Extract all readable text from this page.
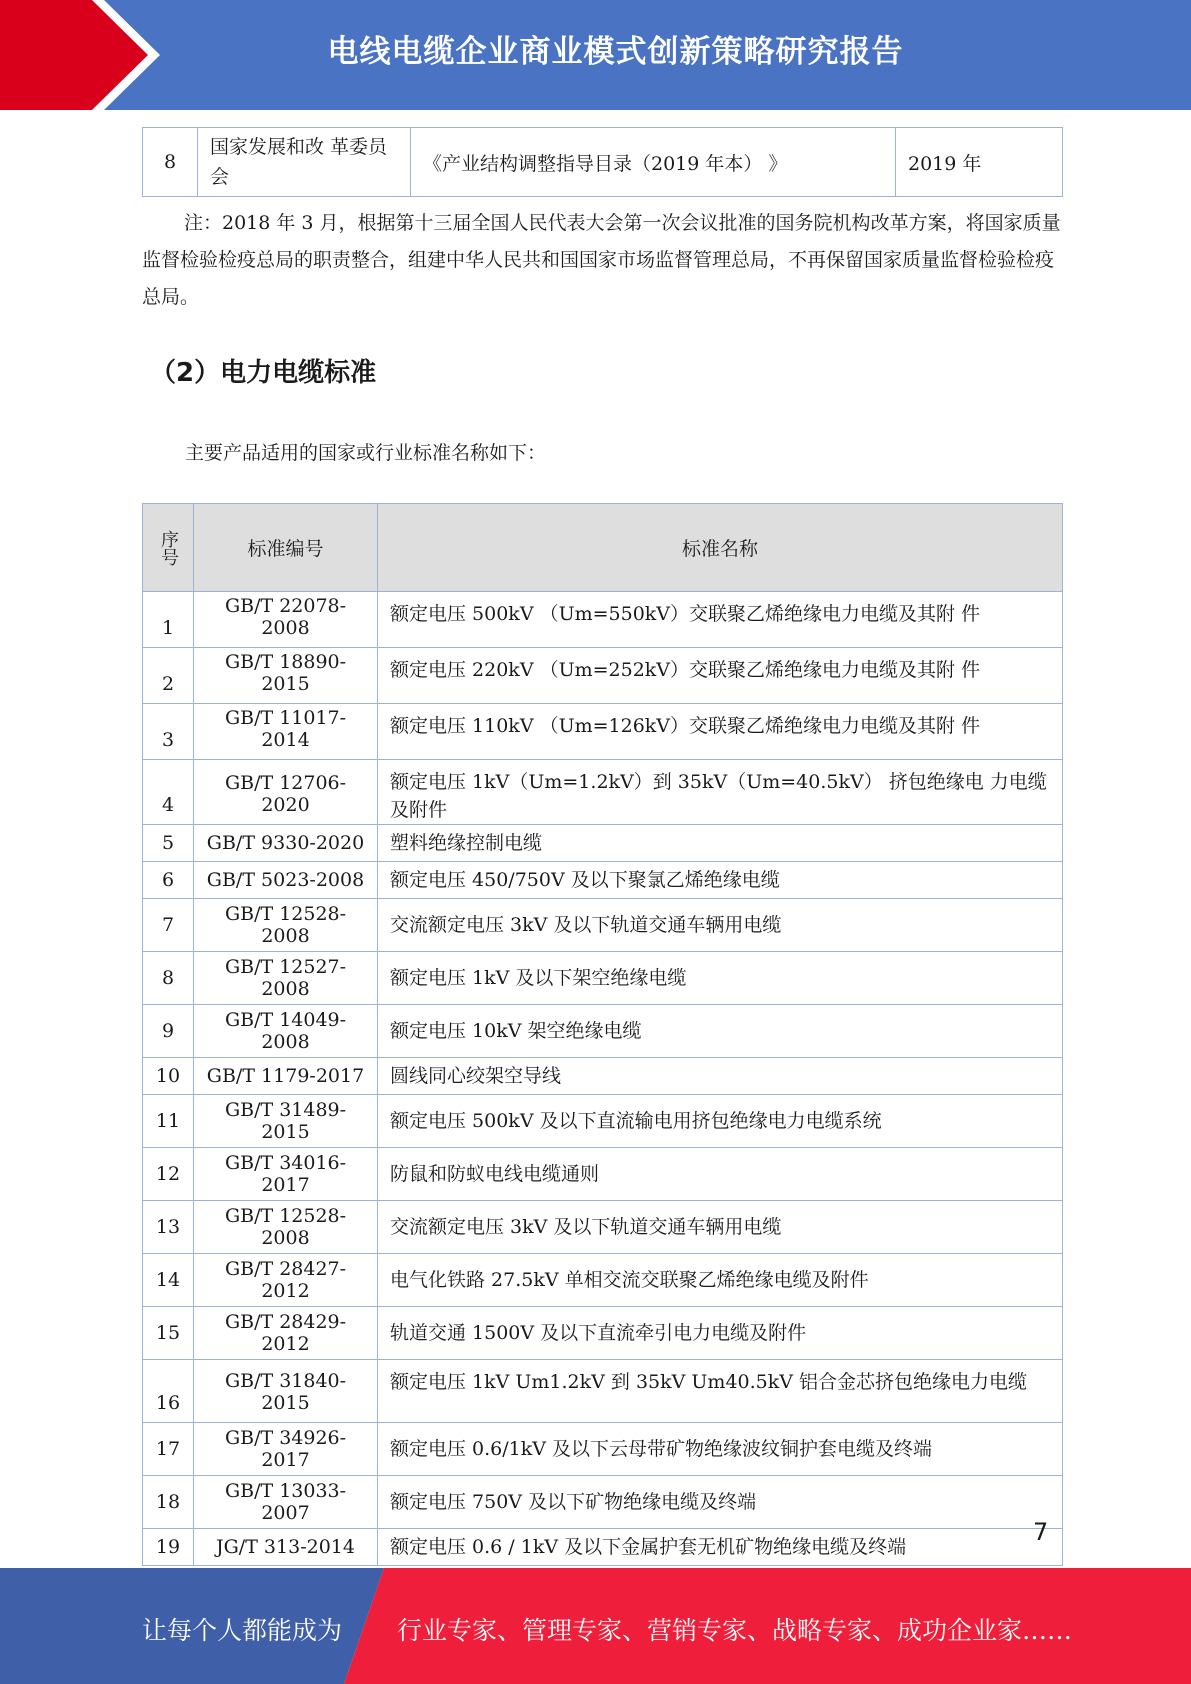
电线电缆企业商业模式创新策略研究报告
8	国家发展和改 革委员会	《产业结构调整指导目录（2019 年本） 》	2019 年
注：2018 年 3 月，根据第十三届全国人民代表大会第一次会议批准的国务院机构改革方案，将国家质量监督检验检疫总局的职责整合，组建中华人民共和国国家市场监督管理总局，不再保留国家质量监督检验检疫总局。
（2）电力电缆标准
主要产品适用的国家或行业标准名称如下：
序号	标准编号	标准名称
1	GB/T 22078-2008	额定电压 500kV （Um=550kV）交联聚乙烯绝缘电力电缆及其附 件
2	GB/T 18890-2015	额定电压 220kV （Um=252kV）交联聚乙烯绝缘电力电缆及其附 件
3	GB/T 11017-2014	额定电压 110kV （Um=126kV）交联聚乙烯绝缘电力电缆及其附 件
4	GB/T 12706-2020	额定电压 1kV（Um=1.2kV）到 35kV（Um=40.5kV） 挤包绝缘电 力电缆及附件
5	GB/T 9330-2020	塑料绝缘控制电缆
6	GB/T 5023-2008	额定电压 450/750V 及以下聚氯乙烯绝缘电缆
7	GB/T 12528-2008	交流额定电压 3kV 及以下轨道交通车辆用电缆
8	GB/T 12527-2008	额定电压 1kV 及以下架空绝缘电缆
9	GB/T 14049-2008	额定电压 10kV 架空绝缘电缆
10	GB/T 1179-2017	圆线同心绞架空导线
11	GB/T 31489-2015	额定电压 500kV 及以下直流输电用挤包绝缘电力电缆系统
12	GB/T 34016-2017	防鼠和防蚁电线电缆通则
13	GB/T 12528-2008	交流额定电压 3kV 及以下轨道交通车辆用电缆
14	GB/T 28427-2012	电气化铁路 27.5kV 单相交流交联聚乙烯绝缘电缆及附件
15	GB/T 28429-2012	轨道交通 1500V 及以下直流牵引电力电缆及附件
16	GB/T 31840-2015	额定电压 1kV Um1.2kV 到 35kV Um40.5kV 铝合金芯挤包绝缘电力电缆
17	GB/T 34926-2017	额定电压 0.6/1kV 及以下云母带矿物绝缘波纹铜护套电缆及终端
18	GB/T 13033-2007	额定电压 750V 及以下矿物绝缘电缆及终端
19	JG/T 313-2014	额定电压 0.6 / 1kV 及以下金属护套无机矿物绝缘电缆及终端
7
让每个人都能成为 行业专家、管理专家、营销专家、战略专家、成功企业家……
